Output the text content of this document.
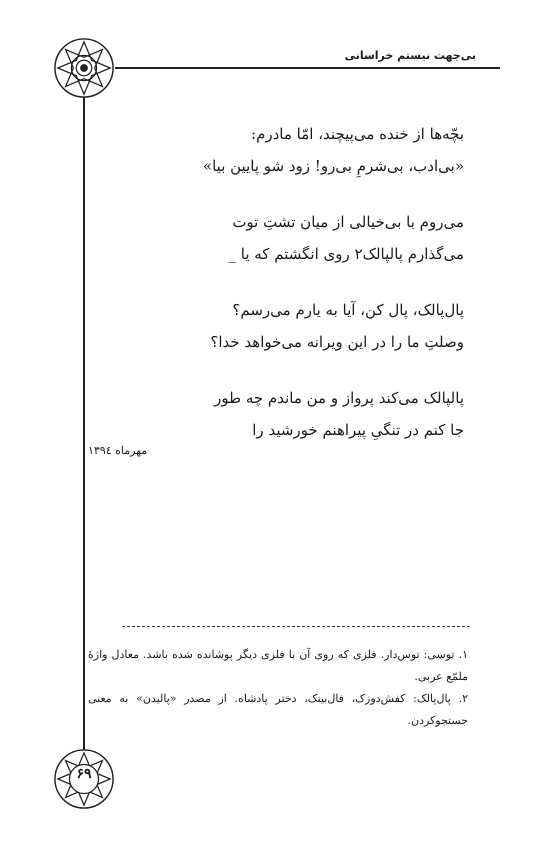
بی‌جهت نیستم خراسانی
بچّه‌ها از خنده می‌پیچند، امّا مادرم:
«بی‌ادب، بی‌شرمِ بی‌رو! زود شو پایین بیا»
می‌روم با بی‌خیالی از میان تشتِ توت
می‌گذارم پالپالک۲ روی انگشتم که یا _
پال‌پالک، پال کن، آیا به یارم می‌رسم؟
وصلتِ ما را در این ویرانه می‌خواهد خدا؟
پالپالک می‌کند پرواز و من ماندم چه طور
جا کنم در تنگیِ پیراهنم خورشید را
مهرماه ۱۳۹٤
۱. توسی: توس‌دار. فلزی که روی آن با فلزی دیگر پوشانده شده باشد. معادل واژهٔ ملمّع عربی.
۲. پال‌پالک: کفش‌دوزک، فال‌بینک، دختر پادشاه. از مصدر «پالیدن» به معنی جستجوکردن.
۶۹
